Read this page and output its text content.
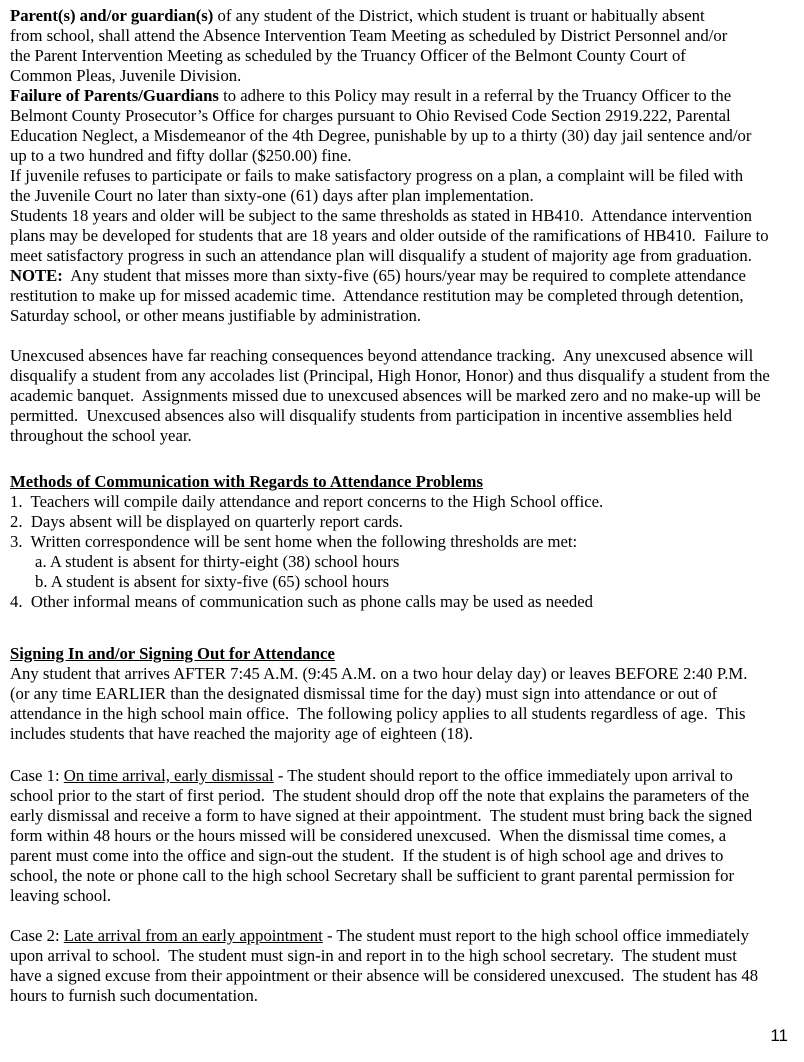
Parent(s) and/or guardian(s) of any student of the District, which student is truant or habitually absent
from school, shall attend the Absence Intervention Team Meeting as scheduled by District Personnel and/or
the Parent Intervention Meeting as scheduled by the Truancy Officer of the Belmont County Court of
Common Pleas, Juvenile Division.
Failure of Parents/Guardians to adhere to this Policy may result in a referral by the Truancy Officer to the
Belmont County Prosecutor’s Office for charges pursuant to Ohio Revised Code Section 2919.222, Parental
Education Neglect, a Misdemeanor of the 4th Degree, punishable by up to a thirty (30) day jail sentence and/or
up to a two hundred and fifty dollar ($250.00) fine.
If juvenile refuses to participate or fails to make satisfactory progress on a plan, a complaint will be filed with
the Juvenile Court no later than sixty-one (61) days after plan implementation.
Students 18 years and older will be subject to the same thresholds as stated in HB410.  Attendance intervention
plans may be developed for students that are 18 years and older outside of the ramifications of HB410.  Failure to
meet satisfactory progress in such an attendance plan will disqualify a student of majority age from graduation.
NOTE:  Any student that misses more than sixty-five (65) hours/year may be required to complete attendance
restitution to make up for missed academic time.  Attendance restitution may be completed through detention,
Saturday school, or other means justifiable by administration.
Unexcused absences have far reaching consequences beyond attendance tracking.  Any unexcused absence will
disqualify a student from any accolades list (Principal, High Honor, Honor) and thus disqualify a student from the
academic banquet.  Assignments missed due to unexcused absences will be marked zero and no make-up will be
permitted.  Unexcused absences also will disqualify students from participation in incentive assemblies held
throughout the school year.
Methods of Communication with Regards to Attendance Problems
1.  Teachers will compile daily attendance and report concerns to the High School office.
2.  Days absent will be displayed on quarterly report cards.
3.  Written correspondence will be sent home when the following thresholds are met:
a. A student is absent for thirty-eight (38) school hours
b. A student is absent for sixty-five (65) school hours
4.  Other informal means of communication such as phone calls may be used as needed
Signing In and/or Signing Out for Attendance
Any student that arrives AFTER 7:45 A.M. (9:45 A.M. on a two hour delay day) or leaves BEFORE 2:40 P.M.
(or any time EARLIER than the designated dismissal time for the day) must sign into attendance or out of
attendance in the high school main office.  The following policy applies to all students regardless of age.  This
includes students that have reached the majority age of eighteen (18).
Case 1: On time arrival, early dismissal - The student should report to the office immediately upon arrival to
school prior to the start of first period.  The student should drop off the note that explains the parameters of the
early dismissal and receive a form to have signed at their appointment.  The student must bring back the signed
form within 48 hours or the hours missed will be considered unexcused.  When the dismissal time comes, a
parent must come into the office and sign-out the student.  If the student is of high school age and drives to
school, the note or phone call to the high school Secretary shall be sufficient to grant parental permission for
leaving school.
Case 2: Late arrival from an early appointment - The student must report to the high school office immediately
upon arrival to school.  The student must sign-in and report in to the high school secretary.  The student must
have a signed excuse from their appointment or their absence will be considered unexcused.  The student has 48
hours to furnish such documentation.
11
